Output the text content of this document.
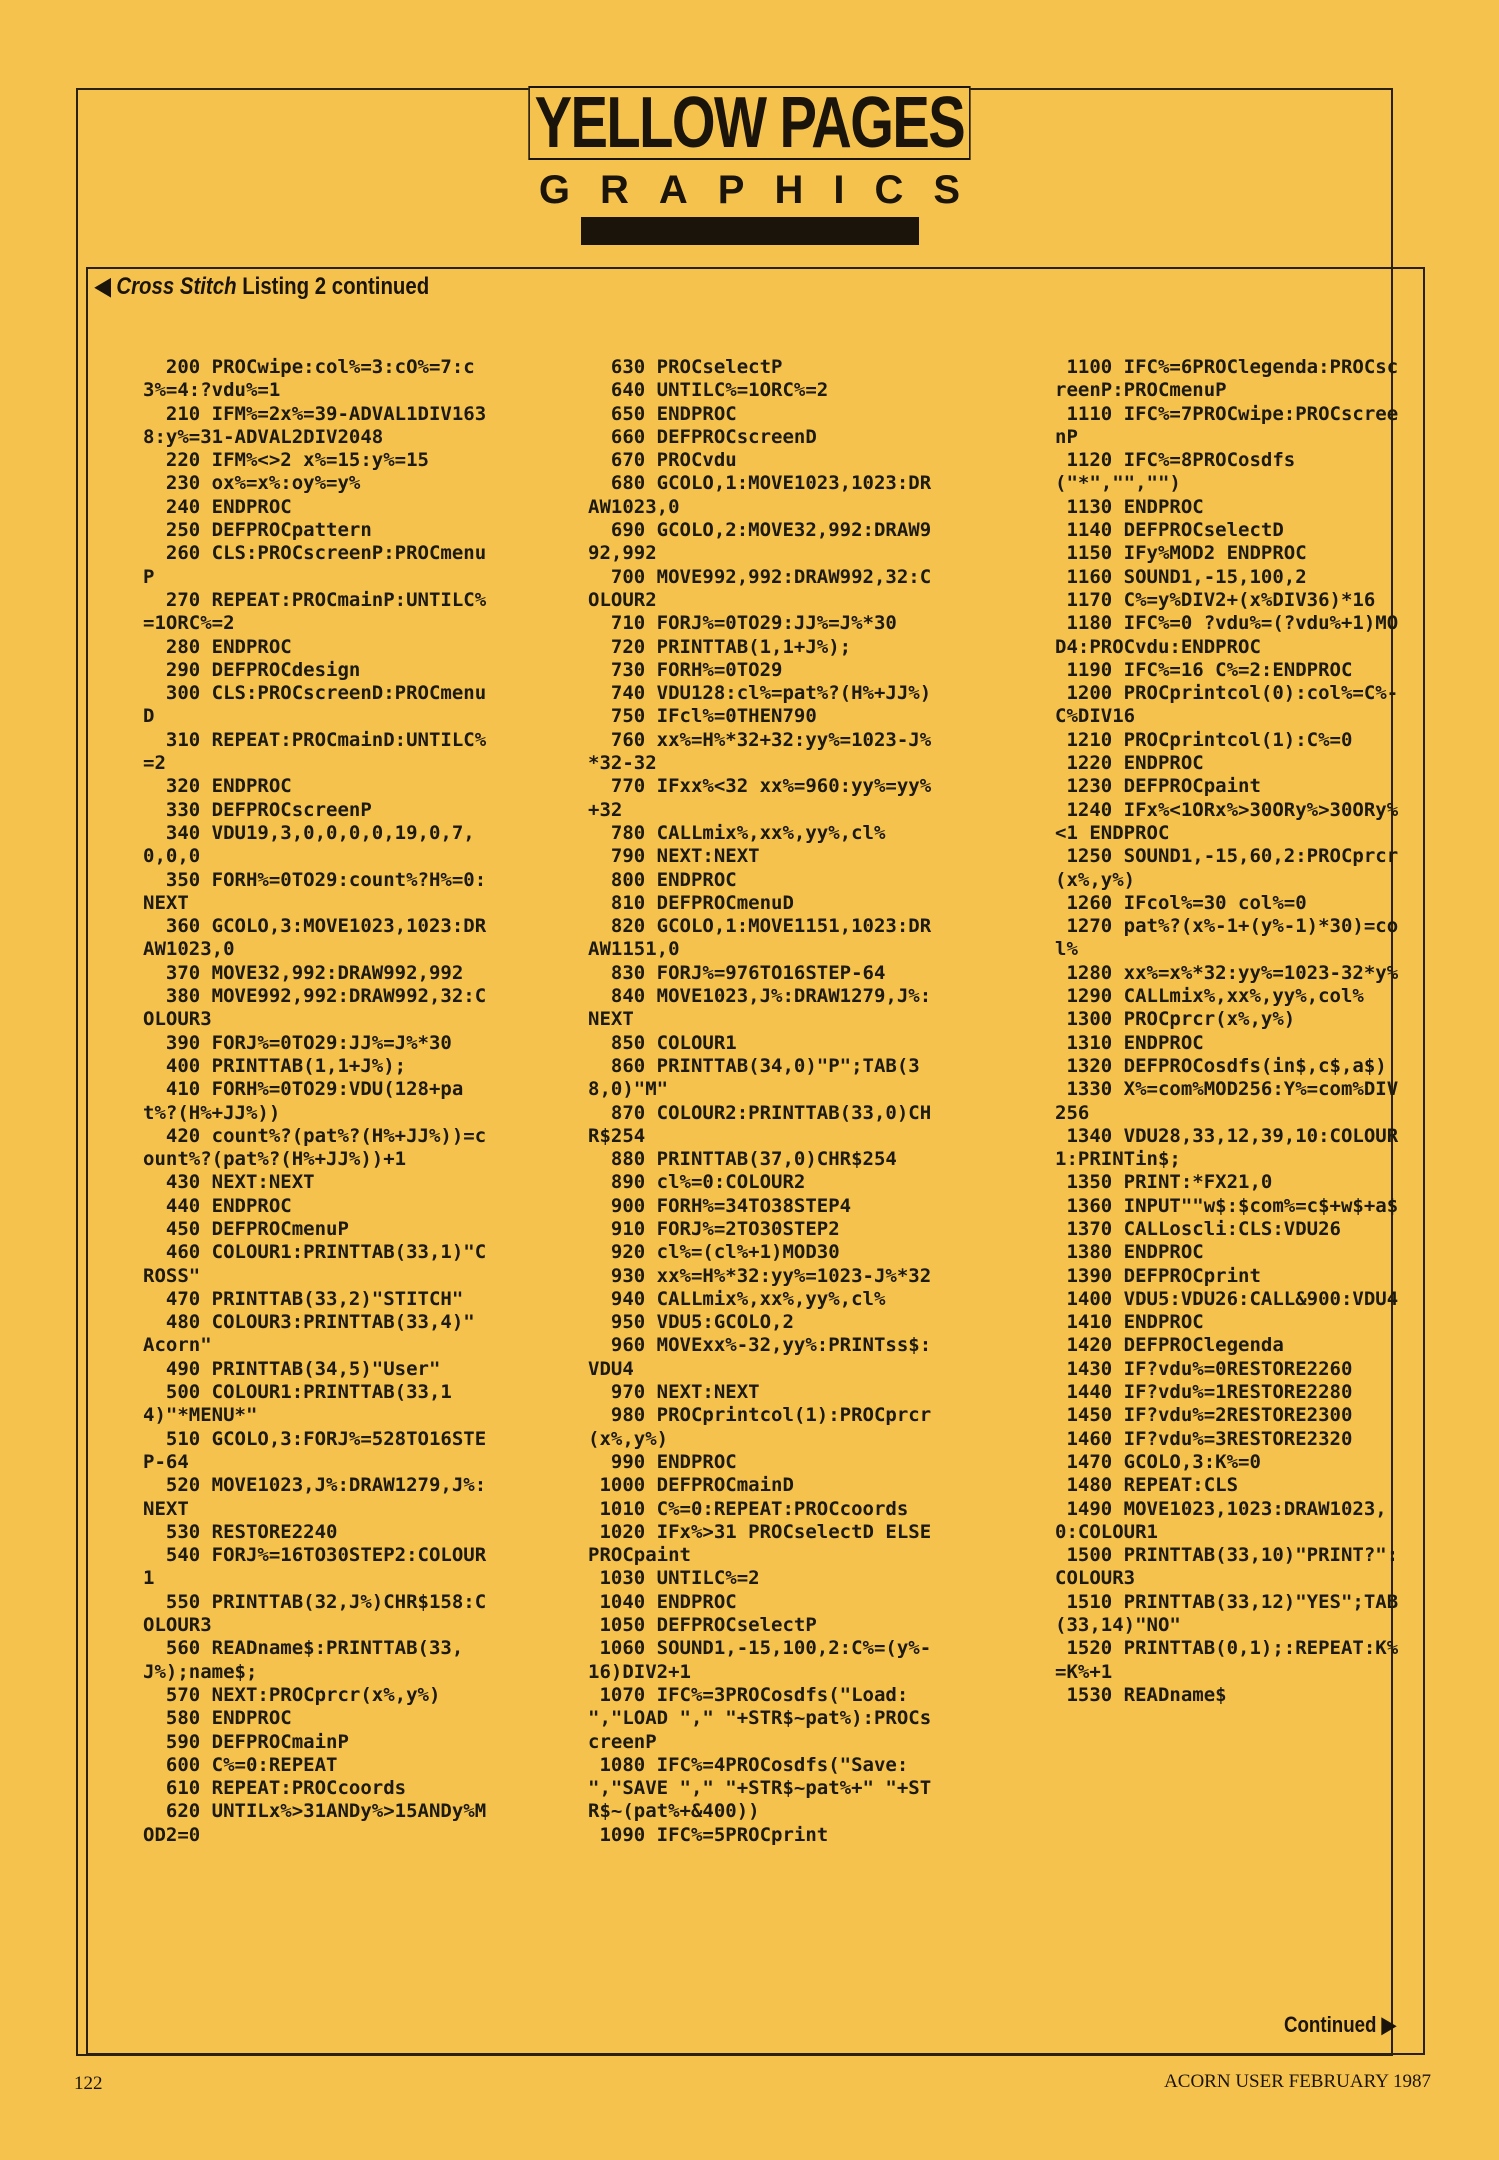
YELLOW PAGES
GRAPHICS
◀ Cross Stitch Listing 2 continued
200 PROCwipe:col%=3:cO%=7:c3%=4:?vdu%=1
210 IFM%=2x%=39-ADVAL1DIV1638:y%=31-ADVAL2DIV2048
220 IFM%<>2 x%=15:y%=15
230 ox%=x%:oy%=y%
240 ENDPROC
250 DEFPROCpattern
260 CLS:PROCscreenP:PROCmenuP
270 REPEAT:PROCmainP:UNTILC%=1ORC%=2
280 ENDPROC
290 DEFPROCdesign
300 CLS:PROCscreenD:PROCmenuD
310 REPEAT:PROCmainD:UNTILC%=2
320 ENDPROC
330 DEFPROCscreenP
340 VDU19,3,0,0,0,0,19,0,7,0,0,0
350 FORH%=0TO29:count%?H%=0:NEXT
360 GCOLO,3:MOVE1023,1023:DRAW1023,0
370 MOVE32,992:DRAW992,992
380 MOVE992,992:DRAW992,32:COLOUR3
390 FORJ%=0TO29:JJ%=J%*30
400 PRINTTAB(1,1+J%);
410 FORH%=0TO29:VDU(128+pat%?(H%+JJ%))
420 count%?(pat%?(H%+JJ%))=count%?(pat%?(H%+JJ%))+1
430 NEXT:NEXT
440 ENDPROC
450 DEFPROCmenuP
460 COLOUR1:PRINTTAB(33,1)"CROSS"
470 PRINTTAB(33,2)"STITCH"
480 COLOUR3:PRINTTAB(33,4)" Acorn"
490 PRINTTAB(34,5)"User"
500 COLOUR1:PRINTTAB(33,14)"*MENU*"
510 GCOLO,3:FORJ%=528TO16STEP-64
520 MOVE1023,J%:DRAW1279,J%:NEXT
530 RESTORE2240
540 FORJ%=16TO30STEP2:COLOUR1
550 PRINTTAB(32,J%)CHR$158:COLOUR3
560 READname$:PRINTTAB(33,J%);name$;
570 NEXT:PROCprcr(x%,y%)
580 ENDPROC
590 DEFPROCmainP
600 C%=0:REPEAT
610 REPEAT:PROCcoords
620 UNTILx%>31ANDy%>15ANDy%MOD2=0
630 PROCselectP
640 UNTILC%=1ORC%=2
650 ENDPROC
660 DEFPROCscreenD
670 PROCvdu
680 GCOLO,1:MOVE1023,1023:DRAW1023,0
690 GCOLO,2:MOVE32,992:DRAW992,992
700 MOVE992,992:DRAW992,32:COLOUR2
710 FORJ%=0TO29:JJ%=J%*30
720 PRINTTAB(1,1+J%);
730 FORH%=0TO29
740 VDU128:cl%=pat%?(H%+JJ%)
750 IFcl%=0THEN790
760 xx%=H%*32+32:yy%=1023-J%*32-32
770 IFxx%<32 xx%=960:yy%=yy%+32
780 CALLmix%,xx%,yy%,cl%
790 NEXT:NEXT
800 ENDPROC
810 DEFPROCmenuD
820 GCOLO,1:MOVE1151,1023:DRAW1151,0
830 FORJ%=976TO16STEP-64
840 MOVE1023,J%:DRAW1279,J%:NEXT
850 COLOUR1
860 PRINTTAB(34,0)"P";TAB(38,0)"M"
870 COLOUR2:PRINTTAB(33,0)CHR$254
880 PRINTTAB(37,0)CHR$254
890 cl%=0:COLOUR2
900 FORH%=34TO38STEP4
910 FORJ%=2TO30STEP2
920 cl%=(cl%+1)MOD30
930 xx%=H%*32:yy%=1023-J%*32
940 CALLmix%,xx%,yy%,cl%
950 VDU5:GCOLO,2
960 MOVExx%-32,yy%:PRINTss$:VDU4
970 NEXT:NEXT
980 PROCprintcol(1):PROCprcr(x%,y%)
990 ENDPROC
1000 DEFPROCmainD
1010 C%=0:REPEAT:PROCcoords
1020 IFx%>31 PROCselectD ELSEPROCpaint
1030 UNTILC%=2
1040 ENDPROC
1050 DEFPROCselectP
1060 SOUND1,-15,100,2:C%=(y%-16)DIV2+1
1070 IFC%=3PROCosdfs("Load: ","LOAD "," "+STR$~pat%):PROCscreenP
1080 IFC%=4PROCosdfs("Save: ","SAVE "," "+STR$~pat%+" "+STR$~(pat%+&400))
1090 IFC%=5PROCprint
1100 IFC%=6PROClegenda:PROCscreenP:PROCmenuP
1110 IFC%=7PROCwipe:PROCscreenP
1120 IFC%=8PROCosdfs("*","","")
1130 ENDPROC
1140 DEFPROCselectD
1150 IFy%MOD2 ENDPROC
1160 SOUND1,-15,100,2
1170 C%=y%DIV2+(x%DIV36)*16
1180 IFC%=0 ?vdu%=(?vdu%+1)MOD4:PROCvdu:ENDPROC
1190 IFC%=16 C%=2:ENDPROC
1200 PROCprintcol(0):col%=C%-C%DIV16
1210 PROCprintcol(1):C%=0
1220 ENDPROC
1230 DEFPROCpaint
1240 IFx%<1ORx%>30ORy%>30ORy%<1 ENDPROC
1250 SOUND1,-15,60,2:PROCprcr(x%,y%)
1260 IFcol%=30 col%=0
1270 pat%?(x%-1+(y%-1)*30)=col%
1280 xx%=x%*32:yy%=1023-32*y%
1290 CALLmix%,xx%,yy%,col%
1300 PROCprcr(x%,y%)
1310 ENDPROC
1320 DEFPROCosdfs(in$,c$,a$)
1330 X%=com%MOD256:Y%=com%DIV256
1340 VDU28,33,12,39,10:COLOUR1:PRINTin$;
1350 PRINT:*FX21,0
1360 INPUT""w$:$com%=c$+w$+a$
1370 CALLoscli:CLS:VDU26
1380 ENDPROC
1390 DEFPROCprint
1400 VDU5:VDU26:CALL&900:VDU4
1410 ENDPROC
1420 DEFPROClegenda
1430 IF?vdu%=0RESTORE2260
1440 IF?vdu%=1RESTORE2280
1450 IF?vdu%=2RESTORE2300
1460 IF?vdu%=3RESTORE2320
1470 GCOLO,3:K%=0
1480 REPEAT:CLS
1490 MOVE1023,1023:DRAW1023,0:COLOUR1
1500 PRINTTAB(33,10)"PRINT?":COLOUR3
1510 PRINTTAB(33,12)"YES";TAB(33,14)"NO"
1520 PRINTTAB(0,1);:REPEAT:K%=K%+1
1530 READname$
Continued ▶
122	ACORN USER FEBRUARY 1987
